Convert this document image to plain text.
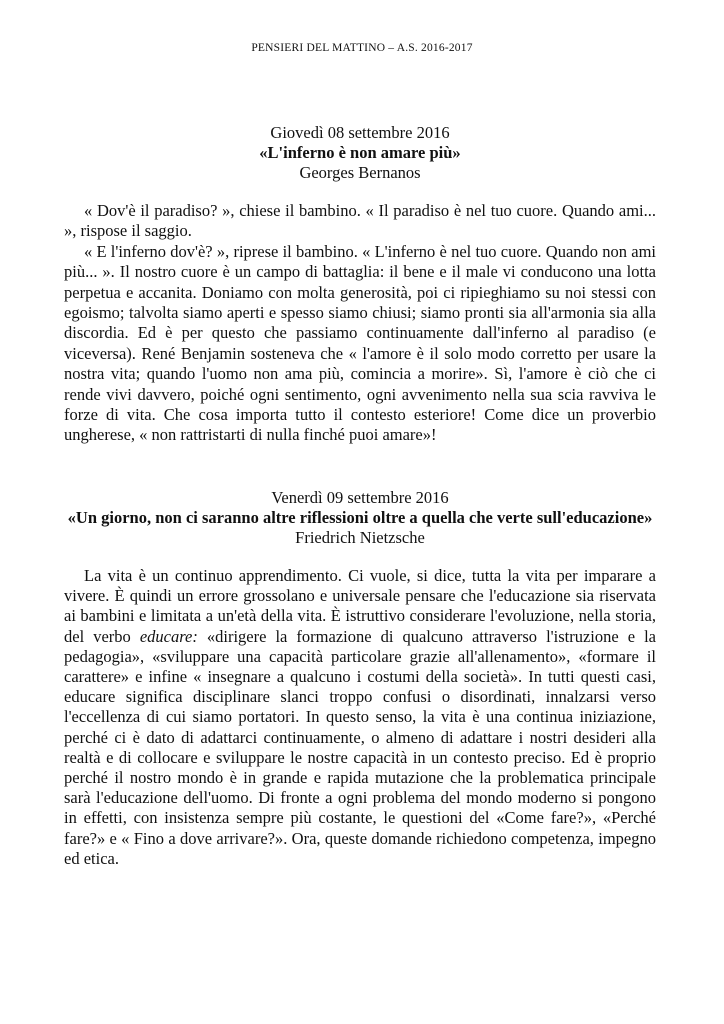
PENSIERI DEL MATTINO – A.S. 2016-2017
Giovedì 08 settembre 2016
«L'inferno è non amare più»
Georges Bernanos

« Dov'è il paradiso? », chiese il bambino. « Il paradiso è nel tuo cuore. Quando ami... », rispose il saggio.

« E l'inferno dov'è? », riprese il bambino. « L'inferno è nel tuo cuore. Quando non ami più... ». Il nostro cuore è un campo di battaglia: il bene e il male vi conducono una lotta perpetua e accanita. Doniamo con molta generosità, poi ci ripieghiamo su noi stessi con egoismo; talvolta siamo aperti e spesso siamo chiusi; siamo pronti sia all'armonia sia alla discordia. Ed è per questo che passiamo continuamente dall'inferno al paradiso (e viceversa). René Benjamin sosteneva che « l'amore è il solo modo corretto per usare la nostra vita; quando l'uomo non ama più, comincia a morire». Sì, l'amore è ciò che ci rende vivi davvero, poiché ogni sentimento, ogni avvenimento nella sua scia ravviva le forze di vita. Che cosa importa tutto il contesto esteriore! Come dice un proverbio ungherese, « non rattristarti di nulla finché puoi amare»!

Venerdì 09 settembre 2016
«Un giorno, non ci saranno altre riflessioni oltre a quella che verte sull'educazione»
Friedrich Nietzsche

La vita è un continuo apprendimento. Ci vuole, si dice, tutta la vita per imparare a vivere. È quindi un errore grossolano e universale pensare che l'educazione sia riservata ai bambini e limitata a un'età della vita. È istruttivo considerare l'evoluzione, nella storia, del verbo educare: «dirigere la formazione di qualcuno attraverso l'istruzione e la pedagogia», «sviluppare una capacità particolare grazie all'allenamento», «formare il carattere» e infine « insegnare a qualcuno i costumi della società». In tutti questi casi, educare significa disciplinare slanci troppo confusi o disordinati, innalzarsi verso l'eccellenza di cui siamo portatori. In questo senso, la vita è una continua iniziazione, perché ci è dato di adattarci continuamente, o almeno di adattare i nostri desideri alla realtà e di collocare e sviluppare le nostre capacità in un contesto preciso. Ed è proprio perché il nostro mondo è in grande e rapida mutazione che la problematica principale sarà l'educazione dell'uomo. Di fronte a ogni problema del mondo moderno si pongono in effetti, con insistenza sempre più costante, le questioni del «Come fare?», «Perché fare?» e « Fino a dove arrivare?». Ora, queste domande richiedono competenza, impegno ed etica.
